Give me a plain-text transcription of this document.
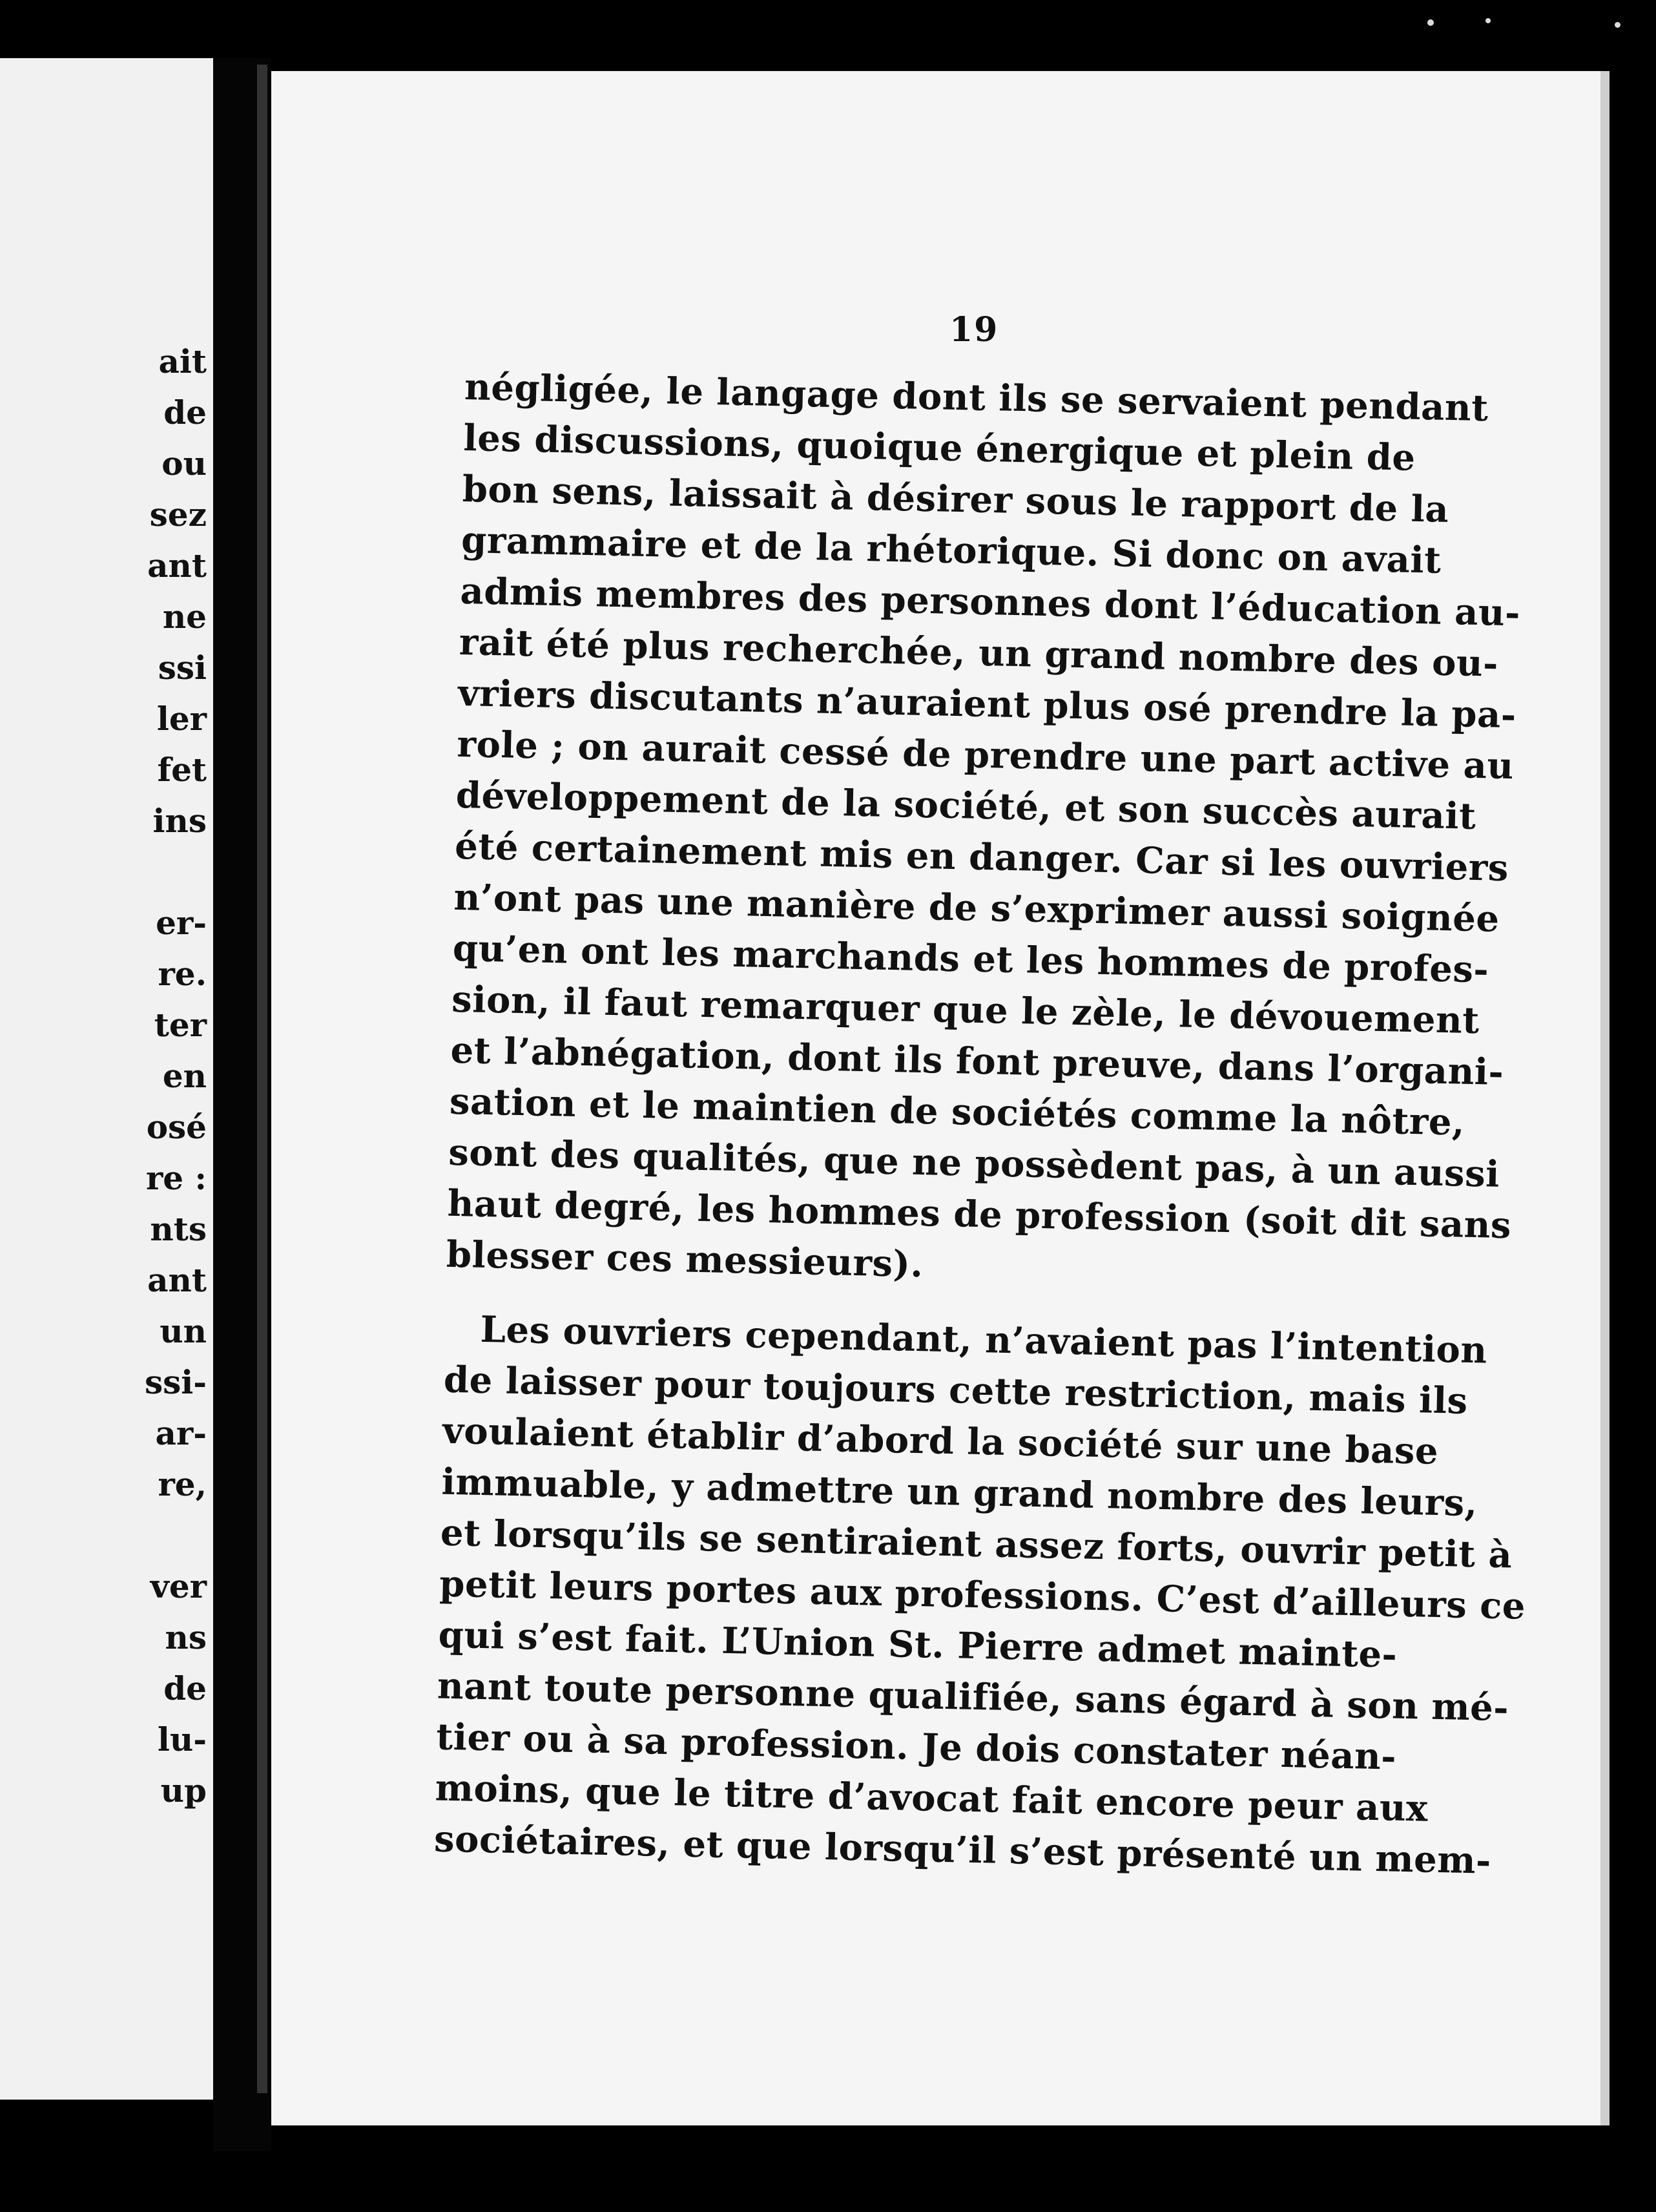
ait
de
ou
sez
ant
ne
ssi
ler
fet
ins
er-
re.
ter
en
osé
re :
nts
ant
un
ssi-
ar-
re,
ver
ns
de
lu-
up
19
négligée, le langage dont ils se servaient pendant
les discussions, quoique énergique et plein de
bon sens, laissait à désirer sous le rapport de la
grammaire et de la rhétorique. Si donc on avait
admis membres des personnes dont l’éducation au-
rait été plus recherchée, un grand nombre des ou-
vriers discutants n’auraient plus osé prendre la pa-
role ; on aurait cessé de prendre une part active au
développement de la société, et son succès aurait
été certainement mis en danger. Car si les ouvriers
n’ont pas une manière de s’exprimer aussi soignée
qu’en ont les marchands et les hommes de profes-
sion, il faut remarquer que le zèle, le dévouement
et l’abnégation, dont ils font preuve, dans l’organi-
sation et le maintien de sociétés comme la nôtre,
sont des qualités, que ne possèdent pas, à un aussi
haut degré, les hommes de profession (soit dit sans
blesser ces messieurs).
Les ouvriers cependant, n’avaient pas l’intention
de laisser pour toujours cette restriction, mais ils
voulaient établir d’abord la société sur une base
immuable, y admettre un grand nombre des leurs,
et lorsqu’ils se sentiraient assez forts, ouvrir petit à
petit leurs portes aux professions. C’est d’ailleurs ce
qui s’est fait. L’Union St. Pierre admet mainte-
nant toute personne qualifiée, sans égard à son mé-
tier ou à sa profession. Je dois constater néan-
moins, que le titre d’avocat fait encore peur aux
sociétaires, et que lorsqu’il s’est présenté un mem-
